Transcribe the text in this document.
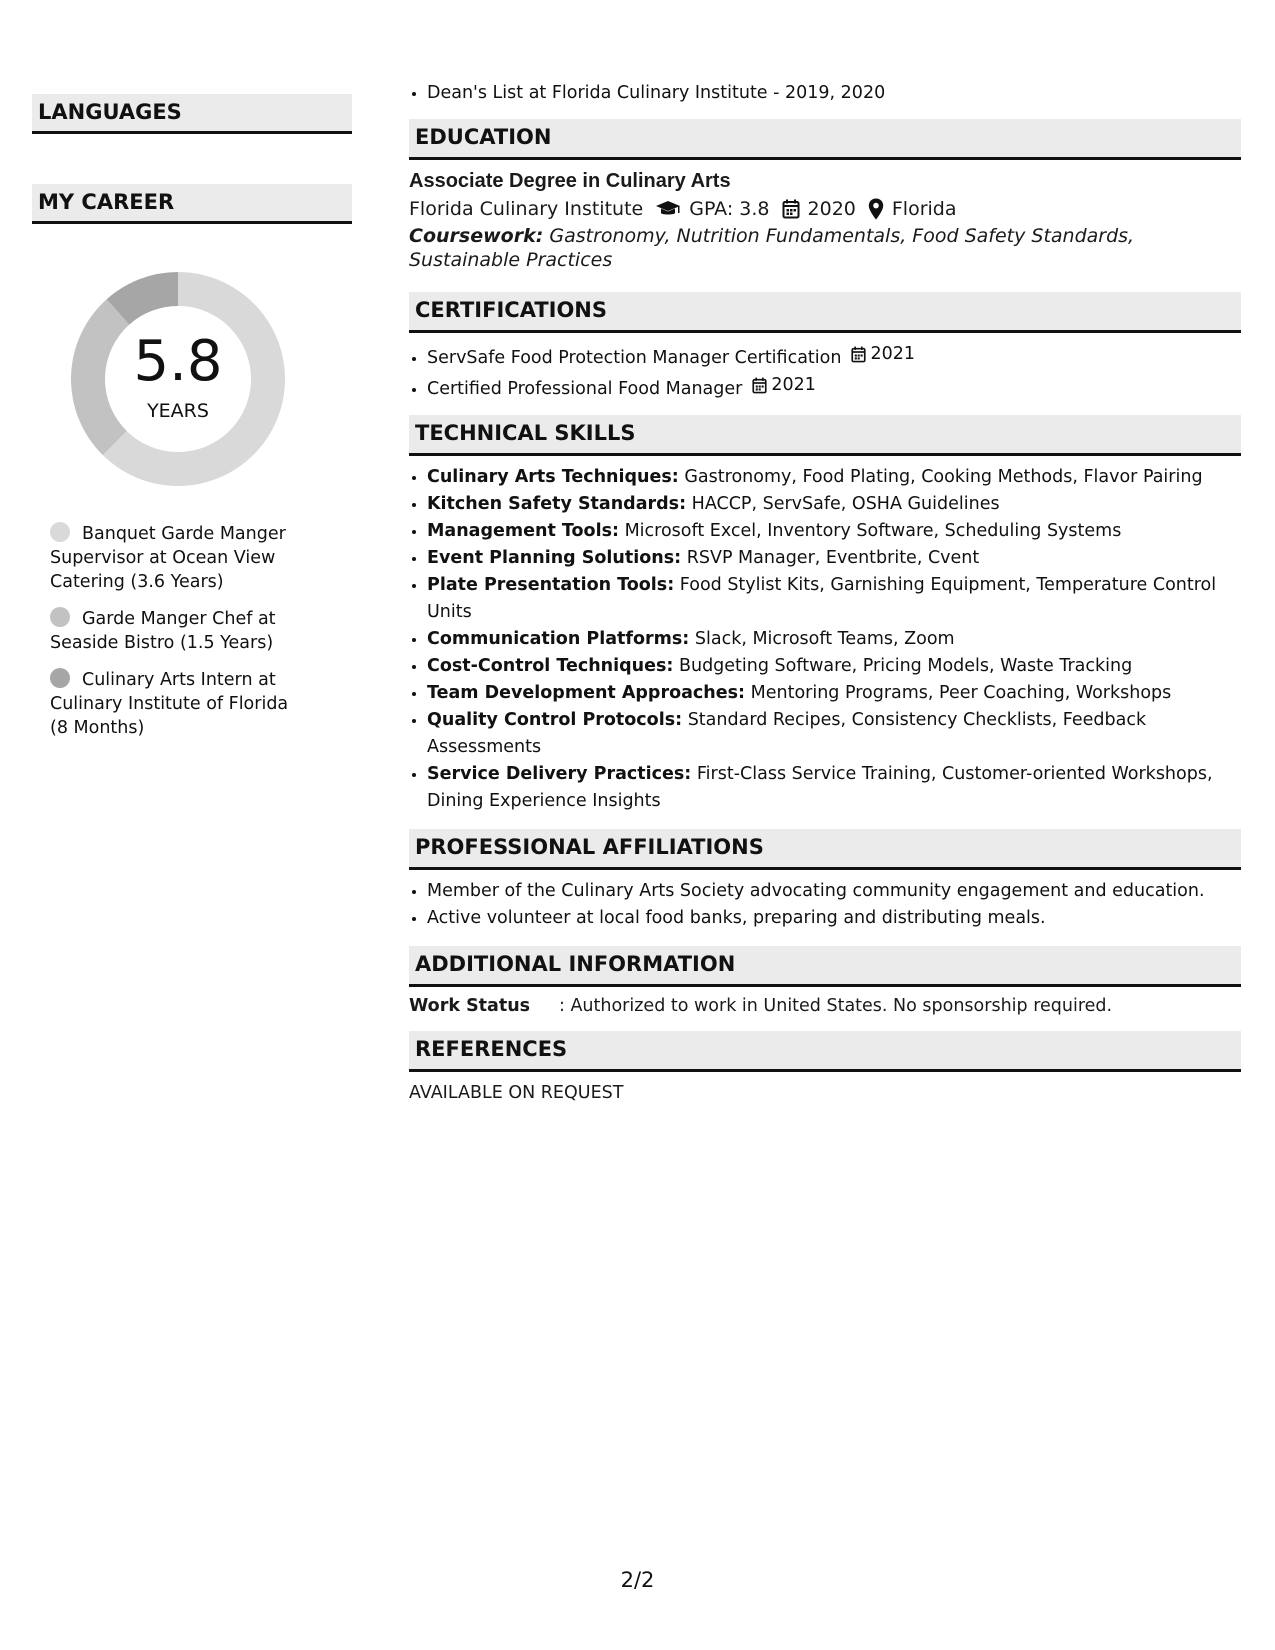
LANGUAGES
MY CAREER
5.8
YEARS
Banquet Garde Manger Supervisor at Ocean View Catering (3.6 Years)
Garde Manger Chef at Seaside Bistro (1.5 Years)
Culinary Arts Intern at Culinary Institute of Florida (8 Months)
• Dean's List at Florida Culinary Institute - 2019, 2020
EDUCATION
Associate Degree in Culinary Arts
Florida Culinary Institute GPA: 3.8 2020 Florida
Coursework: Gastronomy, Nutrition Fundamentals, Food Safety Standards, Sustainable Practices
CERTIFICATIONS
• ServSafe Food Protection Manager Certification 2021
• Certified Professional Food Manager 2021
TECHNICAL SKILLS
• Culinary Arts Techniques: Gastronomy, Food Plating, Cooking Methods, Flavor Pairing
• Kitchen Safety Standards: HACCP, ServSafe, OSHA Guidelines
• Management Tools: Microsoft Excel, Inventory Software, Scheduling Systems
• Event Planning Solutions: RSVP Manager, Eventbrite, Cvent
• Plate Presentation Tools: Food Stylist Kits, Garnishing Equipment, Temperature Control Units
• Communication Platforms: Slack, Microsoft Teams, Zoom
• Cost-Control Techniques: Budgeting Software, Pricing Models, Waste Tracking
• Team Development Approaches: Mentoring Programs, Peer Coaching, Workshops
• Quality Control Protocols: Standard Recipes, Consistency Checklists, Feedback Assessments
• Service Delivery Practices: First-Class Service Training, Customer-oriented Workshops, Dining Experience Insights
PROFESSIONAL AFFILIATIONS
• Member of the Culinary Arts Society advocating community engagement and education.
• Active volunteer at local food banks, preparing and distributing meals.
ADDITIONAL INFORMATION
Work Status	: Authorized to work in United States. No sponsorship required.
REFERENCES
AVAILABLE ON REQUEST
2/2
